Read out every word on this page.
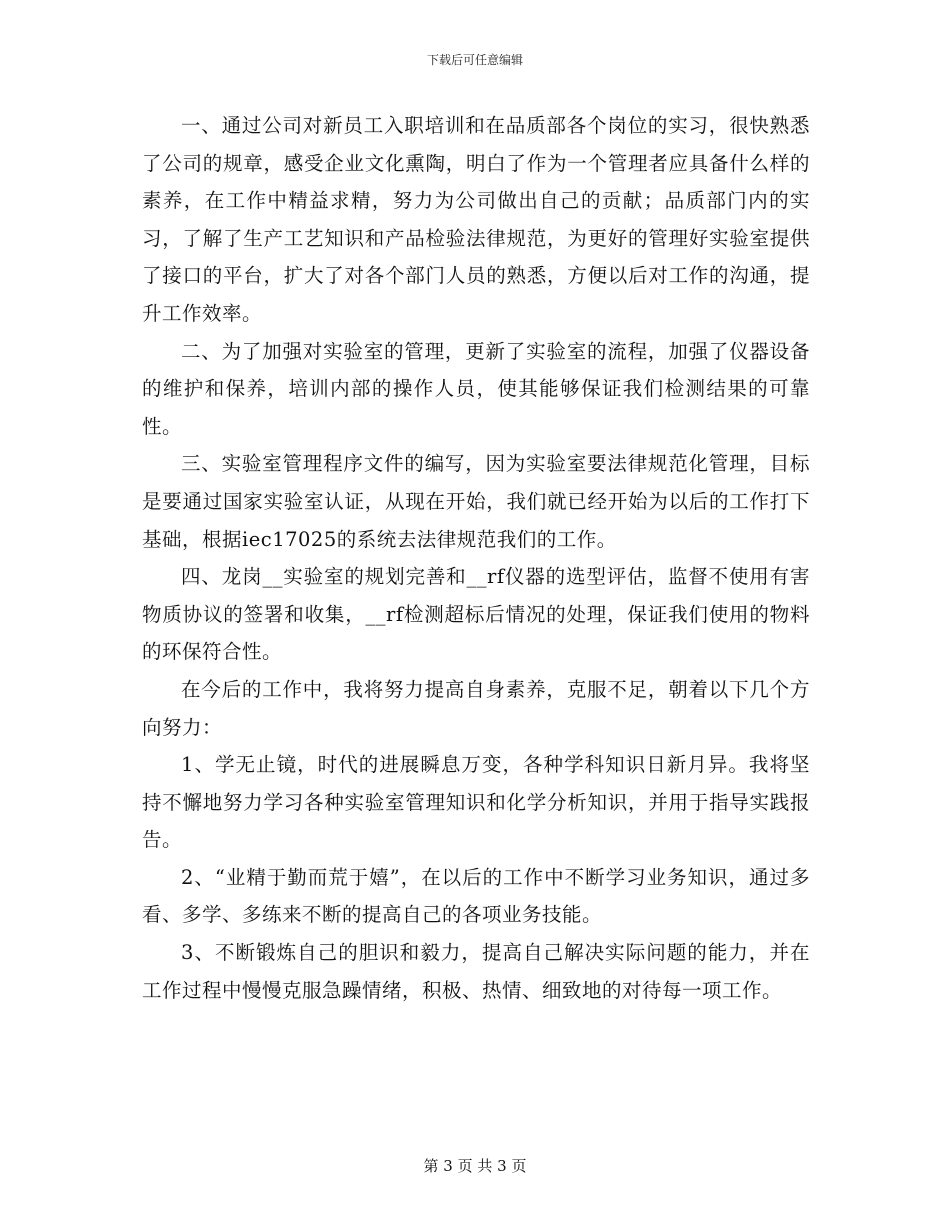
下载后可任意编辑

一、通过公司对新员工入职培训和在品质部各个岗位的实习，很快熟悉了公司的规章，感受企业文化熏陶，明白了作为一个管理者应具备什么样的素养，在工作中精益求精，努力为公司做出自己的贡献；品质部门内的实习，了解了生产工艺知识和产品检验法律规范，为更好的管理好实验室提供了接口的平台，扩大了对各个部门人员的熟悉，方便以后对工作的沟通，提升工作效率。

二、为了加强对实验室的管理，更新了实验室的流程，加强了仪器设备的维护和保养，培训内部的操作人员，使其能够保证我们检测结果的可靠性。

三、实验室管理程序文件的编写，因为实验室要法律规范化管理，目标是要通过国家实验室认证，从现在开始，我们就已经开始为以后的工作打下基础，根据iec17025的系统去法律规范我们的工作。

四、龙岗__实验室的规划完善和__rf仪器的选型评估，监督不使用有害物质协议的签署和收集，__rf检测超标后情况的处理，保证我们使用的物料的环保符合性。

在今后的工作中，我将努力提高自身素养，克服不足，朝着以下几个方向努力：

1、学无止镜，时代的进展瞬息万变，各种学科知识日新月异。我将坚持不懈地努力学习各种实验室管理知识和化学分析知识，并用于指导实践报告。

2、“业精于勤而荒于嬉”，在以后的工作中不断学习业务知识，通过多看、多学、多练来不断的提高自己的各项业务技能。

3、不断锻炼自己的胆识和毅力，提高自己解决实际问题的能力，并在工作过程中慢慢克服急躁情绪，积极、热情、细致地的对待每一项工作。

第 3 页 共 3 页
